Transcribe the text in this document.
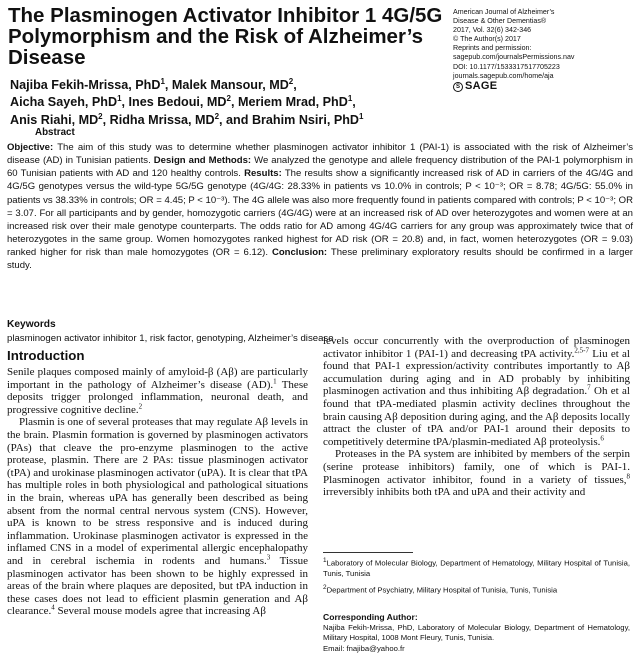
The Plasminogen Activator Inhibitor 1 4G/5G Polymorphism and the Risk of Alzheimer’s Disease
American Journal of Alzheimer’s
Disease & Other Dementias®
2017, Vol. 32(6) 342-346
© The Author(s) 2017
Reprints and permission:
sagepub.com/journalsPermissions.nav
DOI: 10.1177/1533317517705223
journals.sagepub.com/home/aja
S SAGE
Najiba Fekih-Mrissa, PhD$^1$, Malek Mansour, $MD^2$,
Aicha Sayeh, PhD$^1$, Ines Bedoui, $MD^2$, Meriem Mrad, PhD$^1$,
Anis Riahi, $MD^2$, Ridha Mrissa, $MD^2$, and Brahim Nsiri, PhD$^1$
Abstract

Objective: The aim of this study was to determine whether plasminogen activator inhibitor 1 (PAI-1) is associated with the risk of Alzheimer’s disease (AD) in Tunisian patients. Design and Methods: We analyzed the genotype and allele frequency distribution of the PAI-1 polymorphism in 60 Tunisian patients with AD and 120 healthy controls. Results: The results show a significantly increased risk of AD in carriers of the 4G/4G and 4G/5G genotypes versus the wild-type 5G/5G genotype (4G/4G: 28.33% in patients vs 10.0% in controls; P < 10⁻³; OR = 8.78; 4G/5G: 55.0% in patients vs 38.33% in controls; OR = 4.45; P < 10⁻³). The 4G allele was also more frequently found in patients compared with controls; P < 10⁻³; OR = 3.07. For all participants and by gender, homozygotic carriers (4G/4G) were at an increased risk of AD over heterozygotes and women were at an increased risk over their male genotype counterparts. The odds ratio for AD among 4G/4G carriers for any group was approximately twice that of heterozygotes in the same group. Women homozygotes ranked highest for AD risk (OR = 20.8) and, in fact, women heterozygotes (OR = 9.03) ranked higher for risk than male homozygotes (OR = 6.12). Conclusion: These preliminary exploratory results should be confirmed in a larger study.

Keywords
plasminogen activator inhibitor 1, risk factor, genotyping, Alzheimer’s disease
Introduction

Senile plaques composed mainly of amyloid-β (Aβ) are particularly important in the pathology of Alzheimer’s disease (AD).$^1$ These deposits trigger prolonged inflammation, neuronal death, and progressive cognitive decline.$^2$

Plasmin is one of several proteases that may regulate Aβ levels in the brain. Plasmin formation is governed by plasminogen activators (PAs) that cleave the pro-enzyme plasminogen to the active protease, plasmin. There are 2 PAs: tissue plasminogen activator (tPA) and urokinase plasminogen activator (uPA). It is clear that tPA has multiple roles in both physiological and pathological situations in the brain, whereas uPA has generally been described as being absent from the normal central nervous system (CNS). However, uPA is known to be stress responsive and is induced during inflammation. Urokinase plasminogen activator is expressed in the inflamed CNS in a model of experimental allergic encephalopathy and in cerebral ischemia in rodents and humans.$^3$ Tissue plasminogen activator has been shown to be highly expressed in areas of the brain where plaques are deposited, but tPA induction in these cases does not lead to efficient plasmin generation and Aβ clearance.$^4$ Several mouse models agree that increasing Aβ

levels occur concurrently with the overproduction of plasminogen activator inhibitor 1 (PAI-1) and decreasing tPA activity.$^{2,5-7}$ Liu et al found that PAI-1 expression/activity contributes importantly to Aβ accumulation during aging and in AD probably by inhibiting plasminogen activation and thus inhibiting Aβ degradation.$^7$ Oh et al found that tPA-mediated plasmin activity declines throughout the brain causing Aβ deposition during aging, and the Aβ deposits locally attract the cluster of tPA and/or PAI-1 around their deposits to competitively determine tPA/plasmin-mediated Aβ proteolysis.$^6$

Proteases in the PA system are inhibited by members of the serpin (serine protease inhibitors) family, one of which is PAI-1. Plasminogen activator inhibitor, found in a variety of tissues,$^8$ irreversibly inhibits both tPA and uPA and their activity and

$^1$Laboratory of Molecular Biology, Department of Hematology, Military Hospital of Tunisia, Tunis, Tunisia

$^2$Department of Psychiatry, Military Hospital of Tunisia, Tunis, Tunisia

Corresponding Author:
Najiba Fekih-Mrissa, PhD, Laboratory of Molecular Biology, Department of Hematology, Military Hospital, 1008 Mont Fleury, Tunis, Tunisia.
Email: fnajiba@yahoo.fr
